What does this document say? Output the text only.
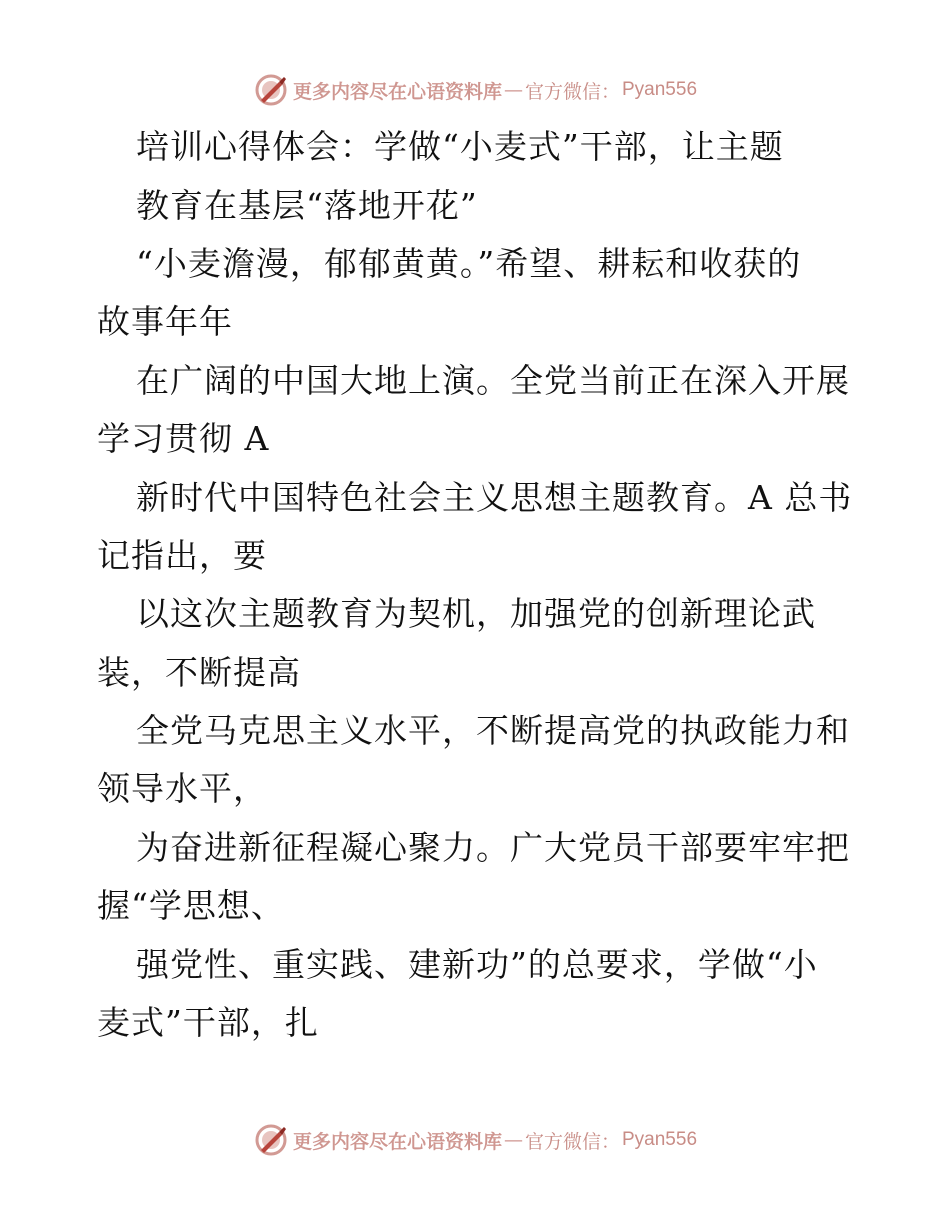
更多内容尽在心语资料库 — 官方微信： Pyan556
培训心得体会：学做“小麦式”干部，让主题
教育在基层“落地开花”
“小麦澹漫，郁郁黄黄。”希望、耕耘和收获的
故事年年
在广阔的中国大地上演。全党当前正在深入开展
学习贯彻 A
新时代中国特色社会主义思想主题教育。A 总书
记指出，要
以这次主题教育为契机，加强党的创新理论武
装，不断提高
全党马克思主义水平，不断提高党的执政能力和
领导水平，
为奋进新征程凝心聚力。广大党员干部要牢牢把
握“学思想、
强党性、重实践、建新功”的总要求，学做“小
麦式”干部，扎
更多内容尽在心语资料库 — 官方微信： Pyan556
